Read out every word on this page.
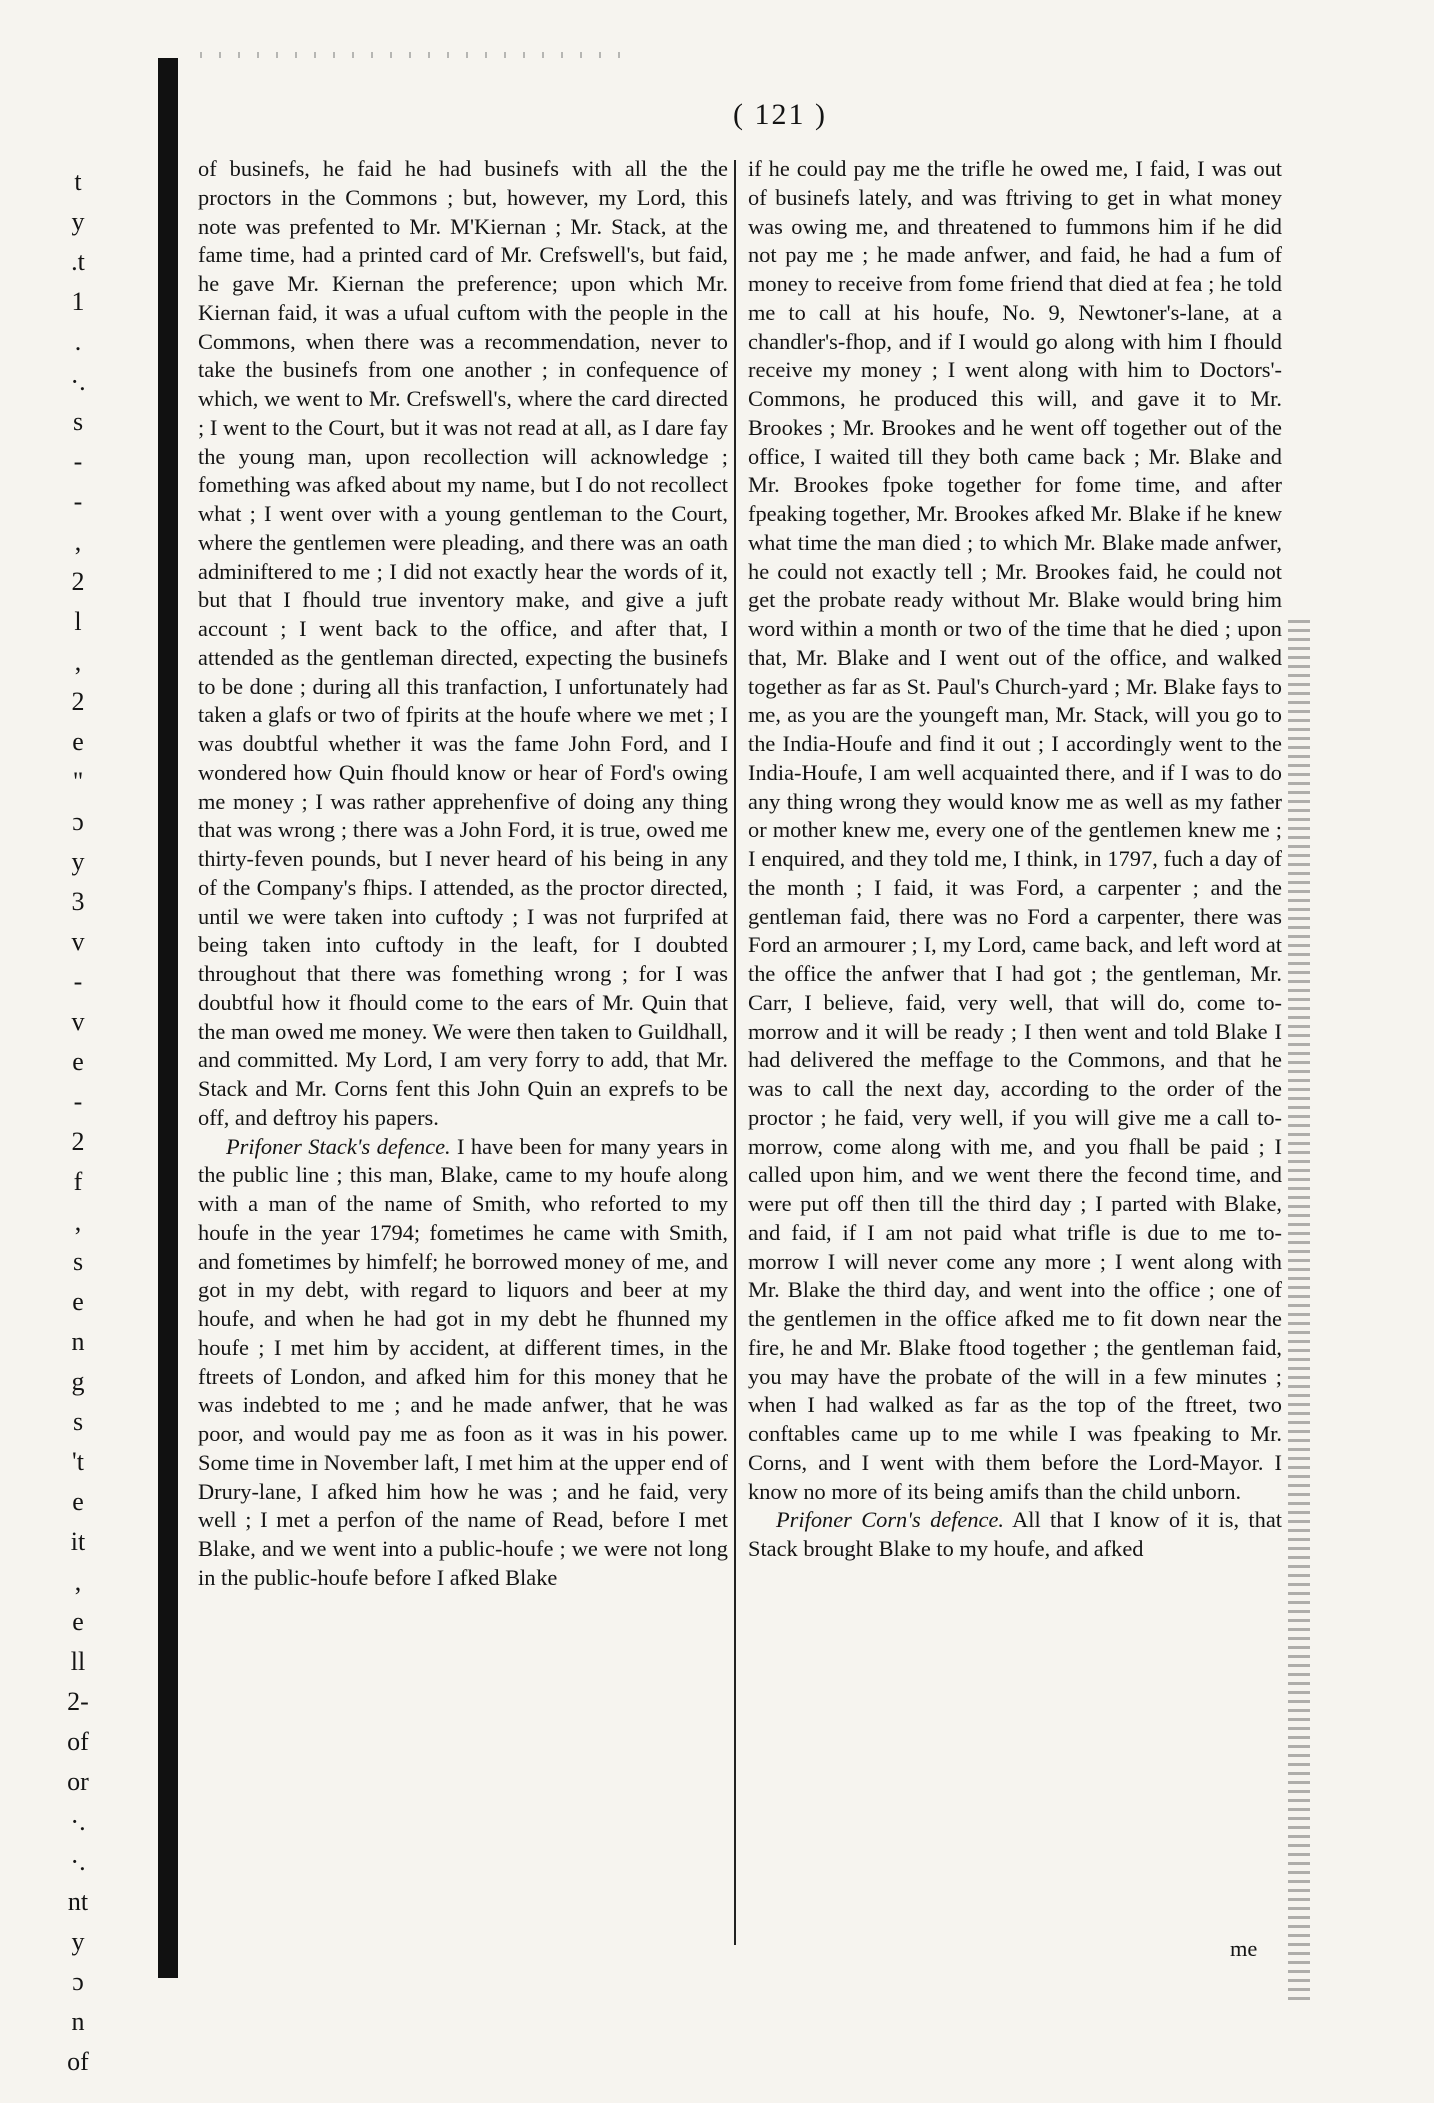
t
y
.t
1
.
·.
s
-
-
,
2
l
,
2
e
"
ɔ
y
3
v
-
v
e
-
2
f
,
s
e
n
g
s
't
e
it
,
e
ll
2-
of
or
·.
·.
nt
y
ɔ
n
of
( 121 )

of businefs, he faid he had businefs with all the the proctors in the Commons ; but, however, my Lord, this note was prefented to Mr. M'Kiernan ; Mr. Stack, at the fame time, had a printed card of Mr. Crefswell's, but faid, he gave Mr. Kiernan the preference; upon which Mr. Kiernan faid, it was a ufual cuftom with the people in the Commons, when there was a recommendation, never to take the businefs from one another ; in confequence of which, we went to Mr. Crefswell's, where the card directed ; I went to the Court, but it was not read at all, as I dare fay the young man, upon recollection will acknowledge ; fomething was afked about my name, but I do not recollect what ; I went over with a young gentleman to the Court, where the gentlemen were pleading, and there was an oath adminiftered to me ; I did not exactly hear the words of it, but that I fhould true inventory make, and give a juft account ; I went back to the office, and after that, I attended as the gentleman directed, expecting the businefs to be done ; during all this tranfaction, I unfortunately had taken a glafs or two of fpirits at the houfe where we met ; I was doubtful whether it was the fame John Ford, and I wondered how Quin fhould know or hear of Ford's owing me money ; I was rather apprehenfive of doing any thing that was wrong ; there was a John Ford, it is true, owed me thirty-feven pounds, but I never heard of his being in any of the Company's fhips. I attended, as the proctor directed, until we were taken into cuftody ; I was not furprifed at being taken into cuftody in the leaft, for I doubted throughout that there was fomething wrong ; for I was doubtful how it fhould come to the ears of Mr. Quin that the man owed me money. We were then taken to Guildhall, and committed. My Lord, I am very forry to add, that Mr. Stack and Mr. Corns fent this John Quin an exprefs to be off, and deftroy his papers.

Prifoner Stack's defence. I have been for many years in the public line ; this man, Blake, came to my houfe along with a man of the name of Smith, who reforted to my houfe in the year 1794; fometimes he came with Smith, and fometimes by himfelf; he borrowed money of me, and got in my debt, with regard to liquors and beer at my houfe, and when he had got in my debt he fhunned my houfe ; I met him by accident, at different times, in the ftreets of London, and afked him for this money that he was indebted to me ; and he made anfwer, that he was poor, and would pay me as foon as it was in his power. Some time in November laft, I met him at the upper end of Drury-lane, I afked him how he was ; and he faid, very well ; I met a perfon of the name of Read, before I met Blake, and we went into a public-houfe ; we were not long in the public-houfe before I afked Blake

if he could pay me the trifle he owed me, I faid, I was out of businefs lately, and was ftriving to get in what money was owing me, and threatened to fummons him if he did not pay me ; he made anfwer, and faid, he had a fum of money to receive from fome friend that died at fea ; he told me to call at his houfe, No. 9, Newtoner's-lane, at a chandler's-fhop, and if I would go along with him I fhould receive my money ; I went along with him to Doctors'-Commons, he produced this will, and gave it to Mr. Brookes ; Mr. Brookes and he went off together out of the office, I waited till they both came back ; Mr. Blake and Mr. Brookes fpoke together for fome time, and after fpeaking together, Mr. Brookes afked Mr. Blake if he knew what time the man died ; to which Mr. Blake made anfwer, he could not exactly tell ; Mr. Brookes faid, he could not get the probate ready without Mr. Blake would bring him word within a month or two of the time that he died ; upon that, Mr. Blake and I went out of the office, and walked together as far as St. Paul's Church-yard ; Mr. Blake fays to me, as you are the youngeft man, Mr. Stack, will you go to the India-Houfe and find it out ; I accordingly went to the India-Houfe, I am well acquainted there, and if I was to do any thing wrong they would know me as well as my father or mother knew me, every one of the gentlemen knew me ; I enquired, and they told me, I think, in 1797, fuch a day of the month ; I faid, it was Ford, a carpenter ; and the gentleman faid, there was no Ford a carpenter, there was Ford an armourer ; I, my Lord, came back, and left word at the office the anfwer that I had got ; the gentleman, Mr. Carr, I believe, faid, very well, that will do, come to-morrow and it will be ready ; I then went and told Blake I had delivered the meffage to the Commons, and that he was to call the next day, according to the order of the proctor ; he faid, very well, if you will give me a call to-morrow, come along with me, and you fhall be paid ; I called upon him, and we went there the fecond time, and were put off then till the third day ; I parted with Blake, and faid, if I am not paid what trifle is due to me to-morrow I will never come any more ; I went along with Mr. Blake the third day, and went into the office ; one of the gentlemen in the office afked me to fit down near the fire, he and Mr. Blake ftood together ; the gentleman faid, you may have the probate of the will in a few minutes ; when I had walked as far as the top of the ftreet, two conftables came up to me while I was fpeaking to Mr. Corns, and I went with them before the Lord-Mayor. I know no more of its being amifs than the child unborn.

Prifoner Corn's defence. All that I know of it is, that Stack brought Blake to my houfe, and afked

me
